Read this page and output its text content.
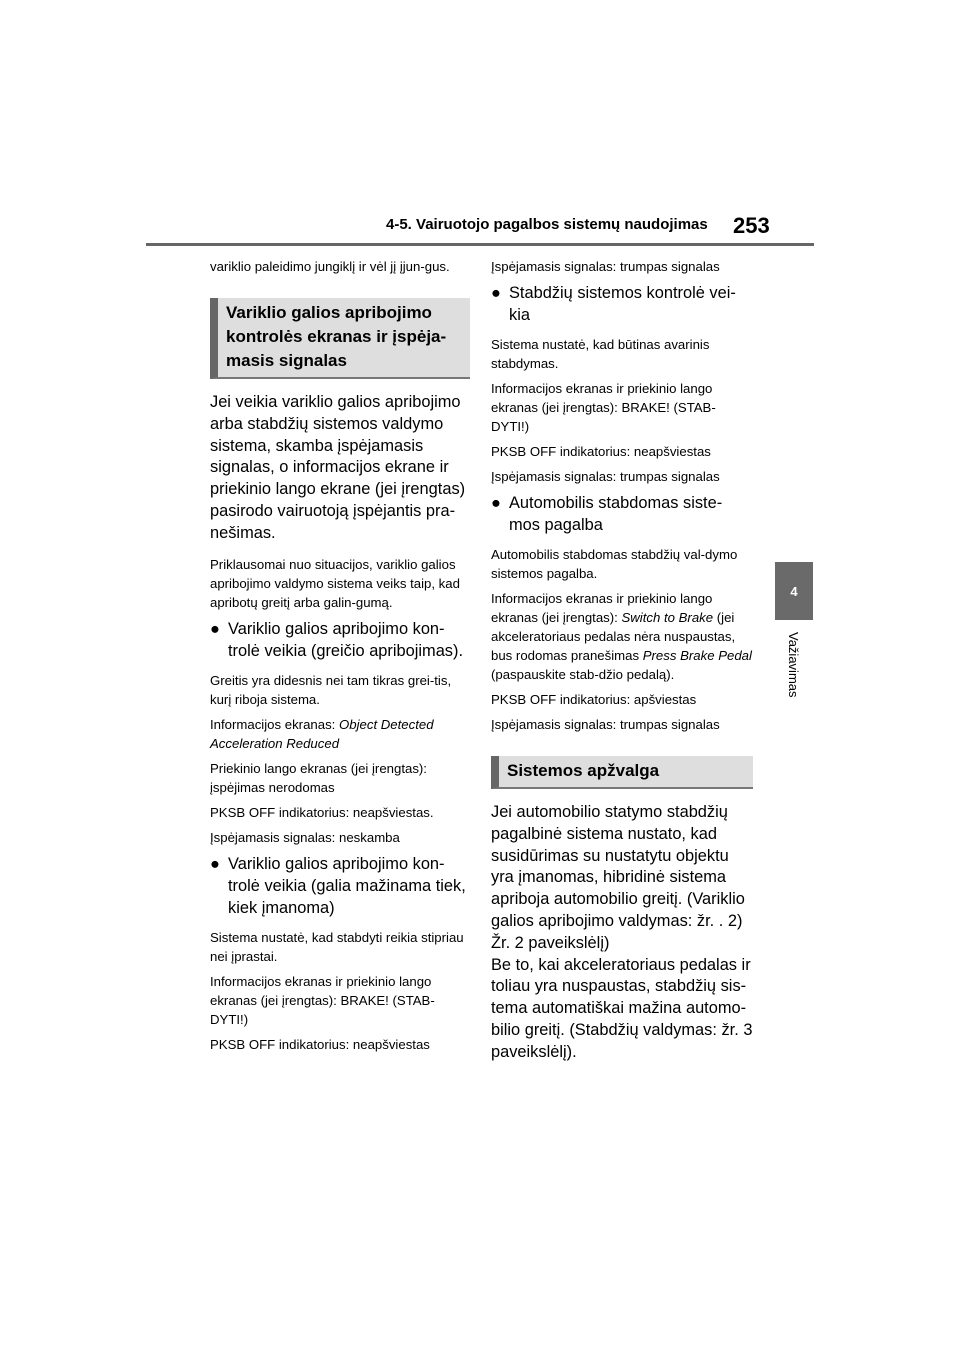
4-5. Vairuotojo pagalbos sistemų naudojimas 253
4
Važiavimas

variklio paleidimo jungiklį ir vėl jį įjun-gus.

Variklio galios apribojimo
kontrolės ekranas ir įspėja-
masis signalas

Jei veikia variklio galios apribojimo arba stabdžių sistemos valdymo sistema, skamba įspėjamasis signalas, o informacijos ekrane ir priekinio lango ekrane (jei įrengtas) pasirodo vairuotoją įspėjantis pra-nešimas.

Priklausomai nuo situacijos, variklio galios apribojimo valdymo sistema veiks taip, kad apribotų greitį arba galin-gumą.

● Variklio galios apribojimo kon-trolė veikia (greičio apribojimas).

Greitis yra didesnis nei tam tikras grei-tis, kurį riboja sistema.

Informacijos ekranas: Object Detected Acceleration Reduced

Priekinio lango ekranas (jei įrengtas): įspėjimas nerodomas

PKSB OFF indikatorius: neapšviestas.

Įspėjamasis signalas: neskamba

● Variklio galios apribojimo kon-trolė veikia (galia mažinama tiek, kiek įmanoma)

Sistema nustatė, kad stabdyti reikia stipriau nei įprastai.

Informacijos ekranas ir priekinio lango ekranas (jei įrengtas): BRAKE! (STAB-DYTI!)

PKSB OFF indikatorius: neapšviestas

Įspėjamasis signalas: trumpas signalas

● Stabdžių sistemos kontrolė vei-kia

Sistema nustatė, kad būtinas avarinis stabdymas.

Informacijos ekranas ir priekinio lango ekranas (jei įrengtas): BRAKE! (STAB-DYTI!)

PKSB OFF indikatorius: neapšviestas

Įspėjamasis signalas: trumpas signalas

● Automobilis stabdomas siste-mos pagalba

Automobilis stabdomas stabdžių val-dymo sistemos pagalba.

Informacijos ekranas ir priekinio lango ekranas (jei įrengtas): Switch to Brake (jei akceleratoriaus pedalas nėra nuspaustas, bus rodomas pranešimas Press Brake Pedal (paspauskite stab-džio pedalą).

PKSB OFF indikatorius: apšviestas

Įspėjamasis signalas: trumpas signalas

Sistemos apžvalga

Jei automobilio statymo stabdžių pagalbinė sistema nustato, kad susidūrimas su nustatytu objektu yra įmanomas, hibridinė sistema apriboja automobilio greitį. (Variklio galios apribojimo valdymas: žr. . 2) Žr. 2 paveikslėlį)

Be to, kai akceleratoriaus pedalas ir toliau yra nuspaustas, stabdžių sis-tema automatiškai mažina automo-bilio greitį. (Stabdžių valdymas: žr. 3 paveikslėlį).
